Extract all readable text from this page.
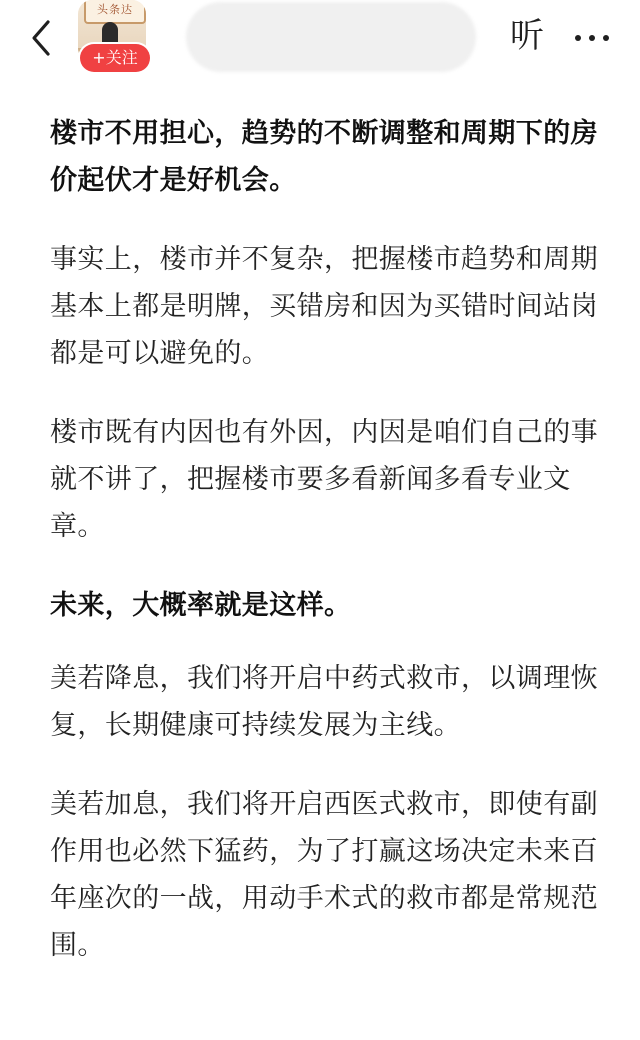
头条达
+关注
听

楼市不用担心，趋势的不断调整和周期下的房价起伏才是好机会。

事实上，楼市并不复杂，把握楼市趋势和周期基本上都是明牌，买错房和因为买错时间站岗都是可以避免的。

楼市既有内因也有外因，内因是咱们自己的事就不讲了，把握楼市要多看新闻多看专业文章。

未来，大概率就是这样。

美若降息，我们将开启中药式救市，以调理恢复，长期健康可持续发展为主线。

美若加息，我们将开启西医式救市，即使有副作用也必然下猛药，为了打赢这场决定未来百年座次的一战，用动手术式的救市都是常规范围。
